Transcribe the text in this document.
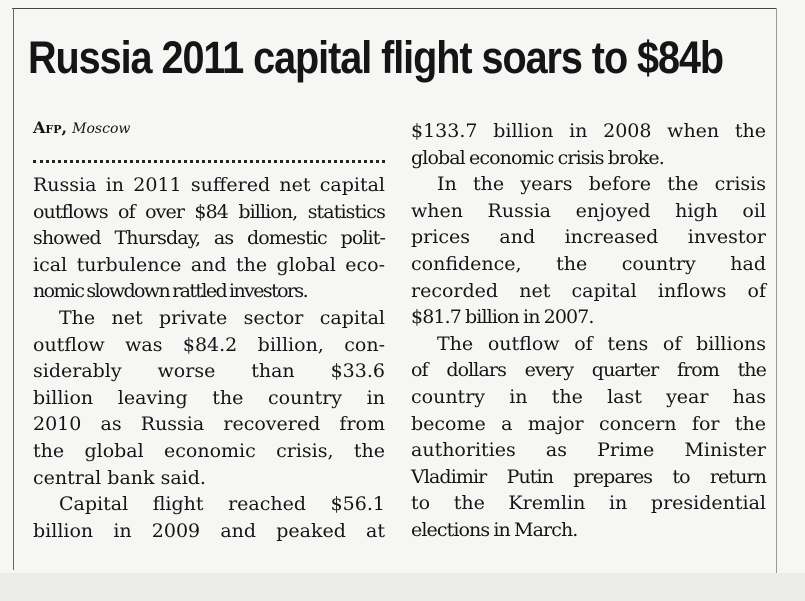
Russia 2011 capital flight soars to $84b
Afp, Moscow
Russia in 2011 suffered net capital
outflows of over $84 billion, statistics
showed Thursday, as domestic polit-
ical turbulence and the global eco-
nomic slowdown rattled investors.
The net private sector capital
outflow was $84.2 billion, con-
siderably worse than $33.6
billion leaving the country in
2010 as Russia recovered from
the global economic crisis, the
central bank said.
Capital flight reached $56.1
billion in 2009 and peaked at
$133.7 billion in 2008 when the
global economic crisis broke.
In the years before the crisis
when Russia enjoyed high oil
prices and increased investor
confidence, the country had
recorded net capital inflows of
$81.7 billion in 2007.
The outflow of tens of billions
of dollars every quarter from the
country in the last year has
become a major concern for the
authorities as Prime Minister
Vladimir Putin prepares to return
to the Kremlin in presidential
elections in March.
